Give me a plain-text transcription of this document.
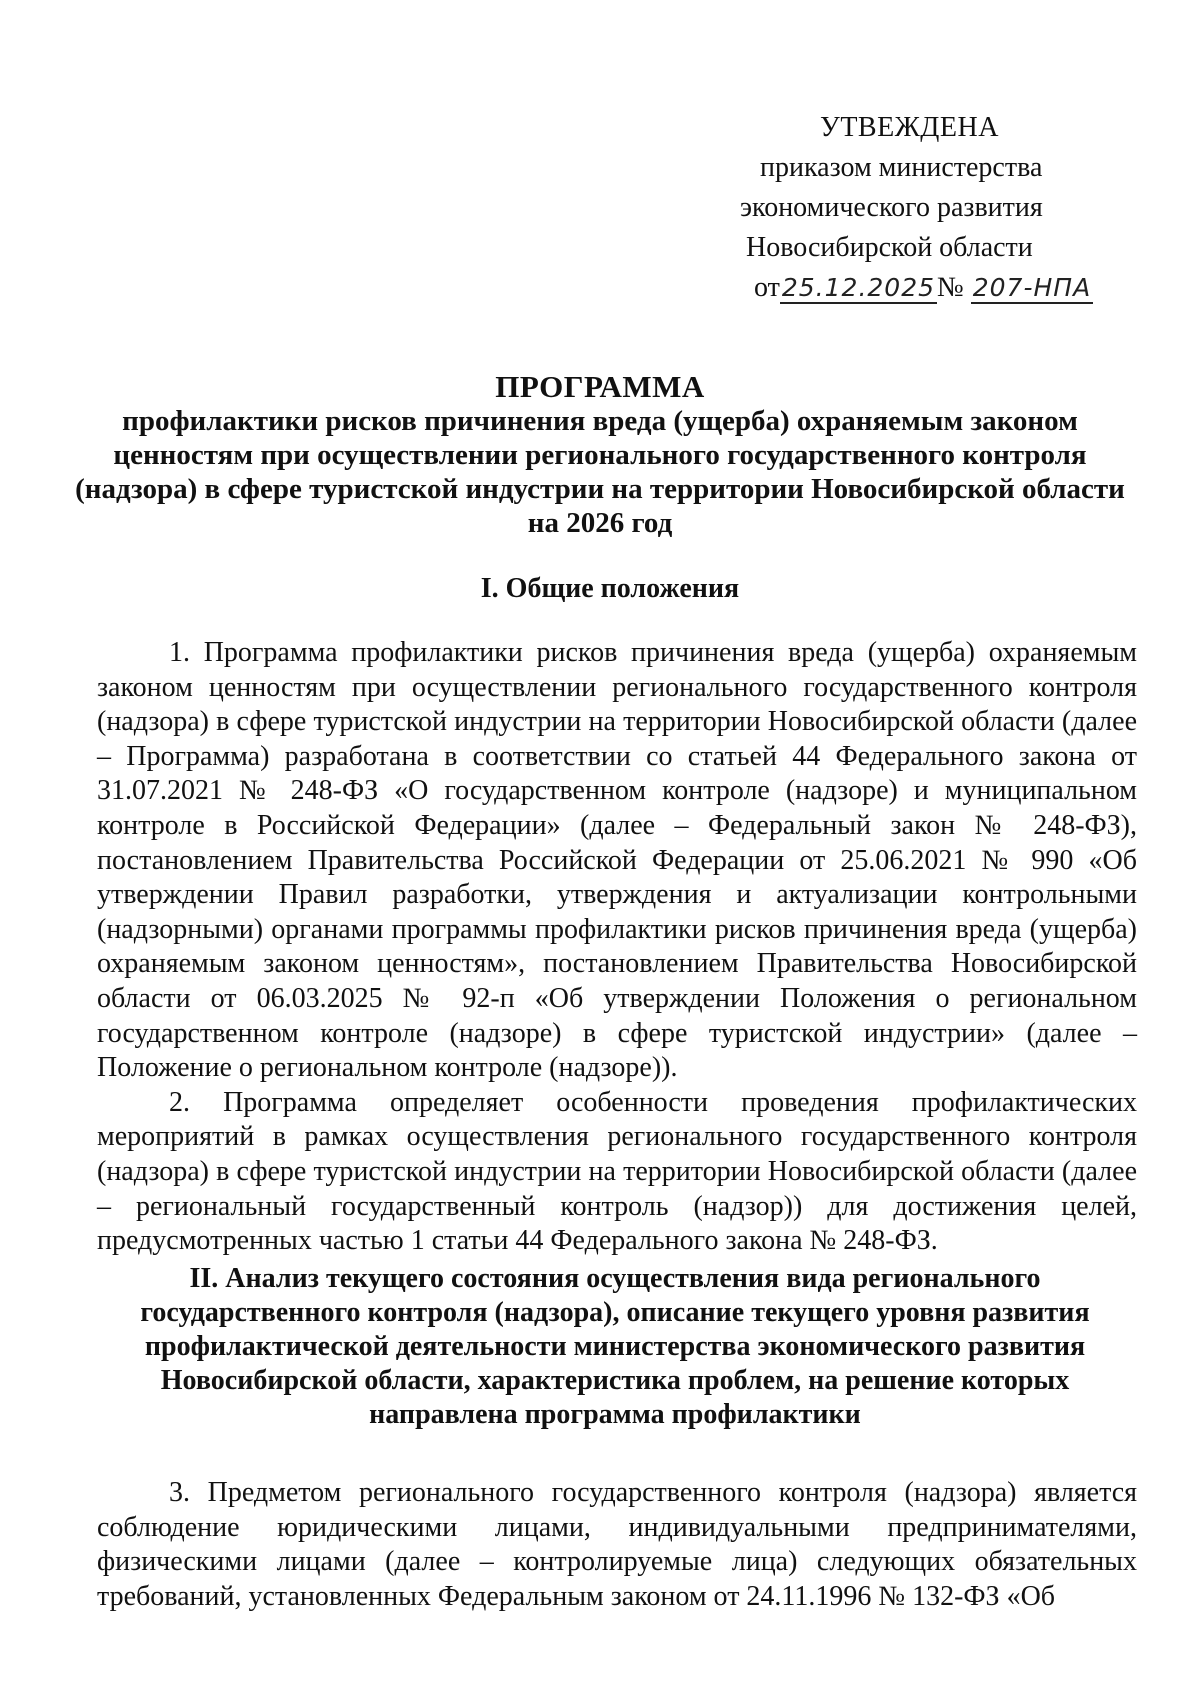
УТВЕЖДЕНА
приказом министерства
экономического развития
Новосибирской области
от25.12.2025№ 207-НПА
ПРОГРАММА
профилактики рисков причинения вреда (ущерба) охраняемым законом
ценностям при осуществлении регионального государственного контроля
(надзора) в сфере туристской индустрии на территории Новосибирской области
на 2026 год
I. Общие положения

1. Программа профилактики рисков причинения вреда (ущерба) охраняемым законом ценностям при осуществлении регионального государственного контроля (надзора) в сфере туристской индустрии на территории Новосибирской области (далее – Программа) разработана в соответствии со статьей 44 Федерального закона от 31.07.2021 № 248-ФЗ «О государственном контроле (надзоре) и муниципальном контроле в Российской Федерации» (далее – Федеральный закон № 248-ФЗ), постановлением Правительства Российской Федерации от 25.06.2021 № 990 «Об утверждении Правил разработки, утверждения и актуализации контрольными (надзорными) органами программы профилактики рисков причинения вреда (ущерба) охраняемым законом ценностям», постановлением Правительства Новосибирской области от 06.03.2025 № 92-п «Об утверждении Положения о региональном государственном контроле (надзоре) в сфере туристской индустрии» (далее – Положение о региональном контроле (надзоре)).

2. Программа определяет особенности проведения профилактических мероприятий в рамках осуществления регионального государственного контроля (надзора) в сфере туристской индустрии на территории Новосибирской области (далее – региональный государственный контроль (надзор)) для достижения целей, предусмотренных частью 1 статьи 44 Федерального закона № 248-ФЗ.

II. Анализ текущего состояния осуществления вида регионального
государственного контроля (надзора), описание текущего уровня развития
профилактической деятельности министерства экономического развития
Новосибирской области, характеристика проблем, на решение которых
направлена программа профилактики

3. Предметом регионального государственного контроля (надзора) является соблюдение юридическими лицами, индивидуальными предпринимателями, физическими лицами (далее – контролируемые лица) следующих обязательных требований, установленных Федеральным законом от 24.11.1996 № 132-ФЗ «Об
